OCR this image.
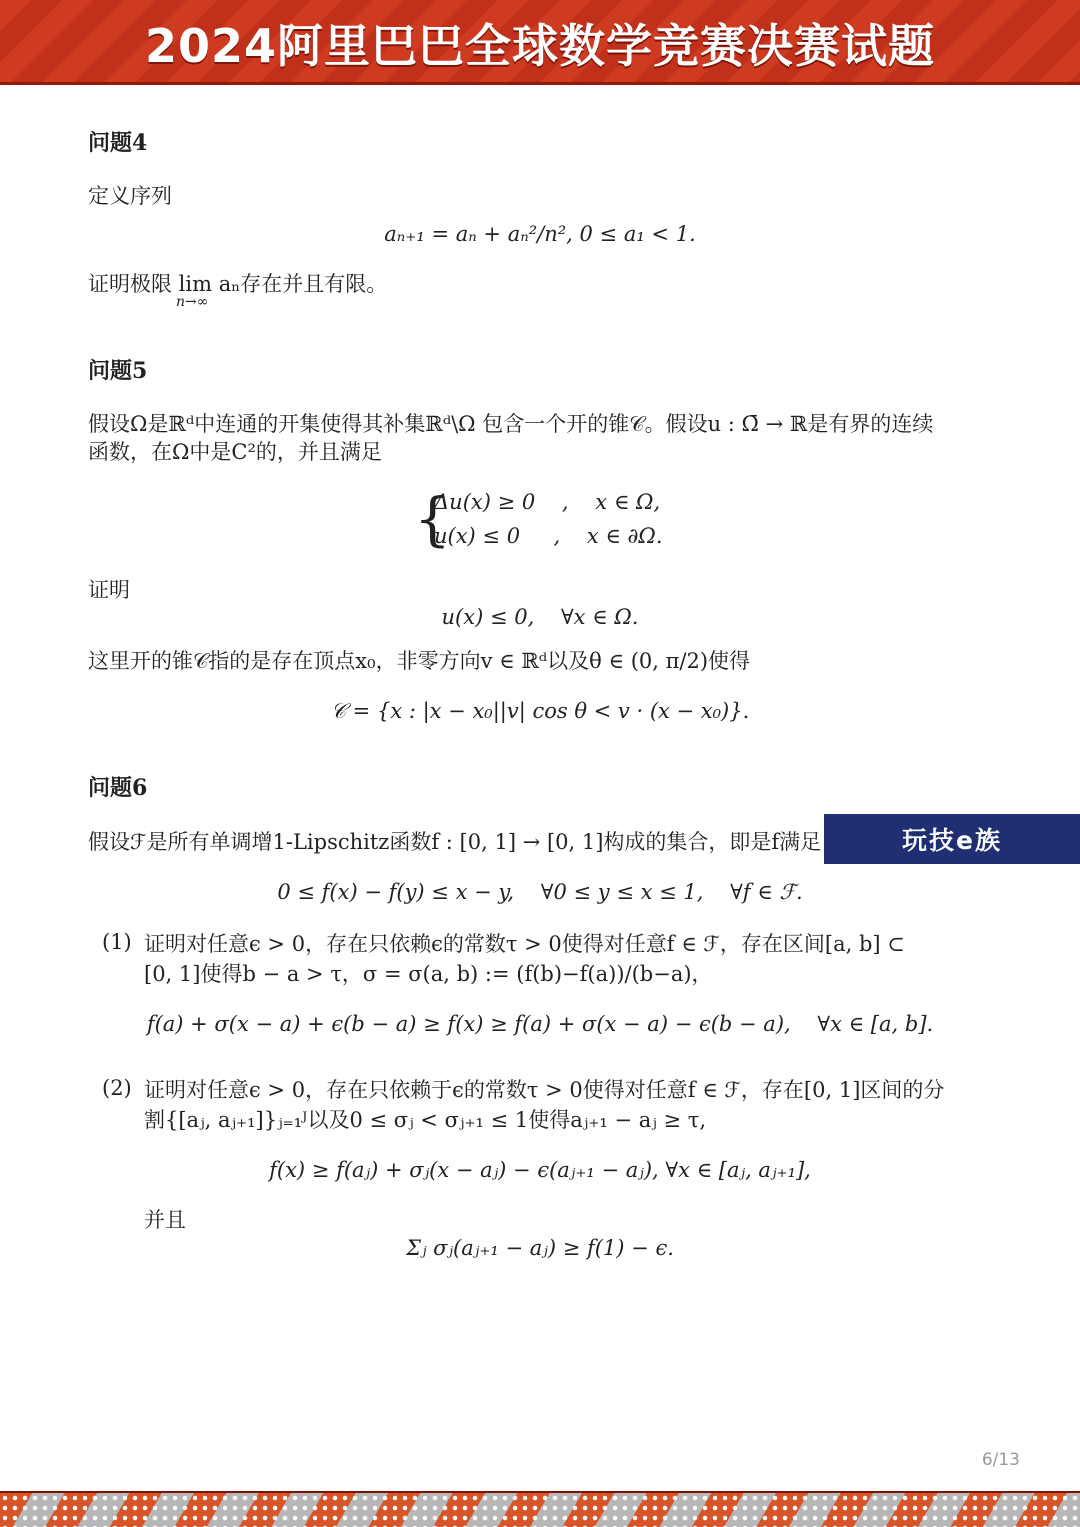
2024阿里巴巴全球数学竞赛决赛试题
问题4
定义序列
aₙ₊₁ = aₙ + aₙ²/n², 0 ≤ a₁ < 1.
证明极限 lim aₙ存在并且有限。
n→∞
问题5
假设Ω是ℝᵈ中连通的开集使得其补集ℝᵈ\Ω 包含一个开的锥𝒞。假设u : Ω̄ → ℝ是有界的连续
函数，在Ω中是C²的，并且满足
{
Δu(x) ≥ 0    ,    x ∈ Ω,
u(x) ≤ 0     ,    x ∈ ∂Ω.
证明
u(x) ≤ 0,    ∀x ∈ Ω.
这里开的锥𝒞指的是存在顶点x₀，非零方向v ∈ ℝᵈ以及θ ∈ (0, π/2)使得
𝒞 = {x : |x − x₀||v| cos θ < v · (x − x₀)}.
问题6
假设ℱ是所有单调增1-Lipschitz函数f : [0, 1] → [0, 1]构成的集合，即是f满足	玩技e族
0 ≤ f(x) − f(y) ≤ x − y,    ∀0 ≤ y ≤ x ≤ 1,    ∀f ∈ ℱ.
(1) 证明对任意ϵ > 0，存在只依赖ϵ的常数τ > 0使得对任意f ∈ ℱ，存在区间[a, b] ⊂
[0, 1]使得b − a > τ，σ = σ(a, b) := (f(b)−f(a))/(b−a)，
f(a) + σ(x − a) + ϵ(b − a) ≥ f(x) ≥ f(a) + σ(x − a) − ϵ(b − a),    ∀x ∈ [a, b].
(2) 证明对任意ϵ > 0，存在只依赖于ϵ的常数τ > 0使得对任意f ∈ ℱ，存在[0, 1]区间的分
割{[aⱼ, aⱼ₊₁]}ⱼ₌₁ᴶ以及0 ≤ σⱼ < σⱼ₊₁ ≤ 1使得aⱼ₊₁ − aⱼ ≥ τ,
f(x) ≥ f(aⱼ) + σⱼ(x − aⱼ) − ϵ(aⱼ₊₁ − aⱼ), ∀x ∈ [aⱼ, aⱼ₊₁],
并且
Σⱼ σⱼ(aⱼ₊₁ − aⱼ) ≥ f(1) − ϵ.
6/13
